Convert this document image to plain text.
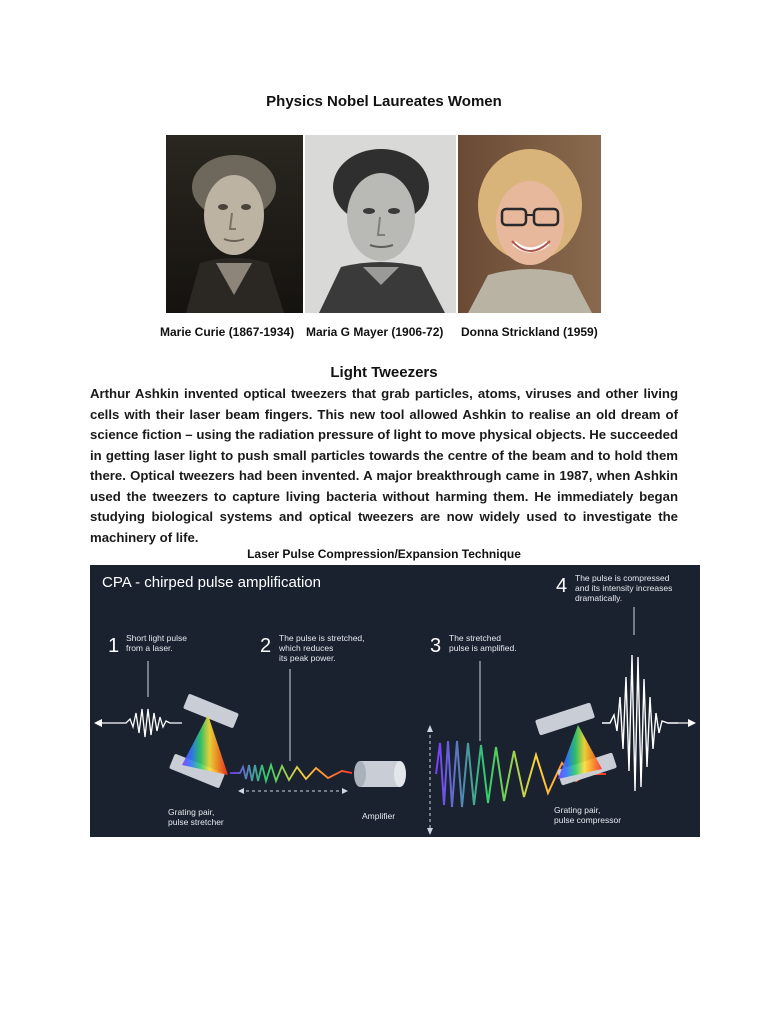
Physics Nobel Laureates Women
Marie Curie (1867-1934) Maria G Mayer (1906-72) Donna Strickland (1959)
Light Tweezers

Arthur Ashkin invented optical tweezers that grab particles, atoms, viruses and other living cells with their laser beam fingers. This new tool allowed Ashkin to realise an old dream of science fiction – using the radiation pressure of light to move physical objects. He succeeded in getting laser light to push small particles towards the centre of the beam and to hold them there. Optical tweezers had been invented. A major breakthrough came in 1987, when Ashkin used the tweezers to capture living bacteria without harming them. He immediately began studying biological systems and optical tweezers are now widely used to investigate the machinery of life.

Laser Pulse Compression/Expansion Technique
CPA - chirped pulse amplification
1 Short light pulse
from a laser.	2 The pulse is stretched,
which reduces
its peak power.
3 The stretched
pulse is amplified.
4 The pulse is compressed
and its intensity increases
dramatically.
Grating pair,
pulse stretcher
Amplifier
Grating pair,
pulse compressor
